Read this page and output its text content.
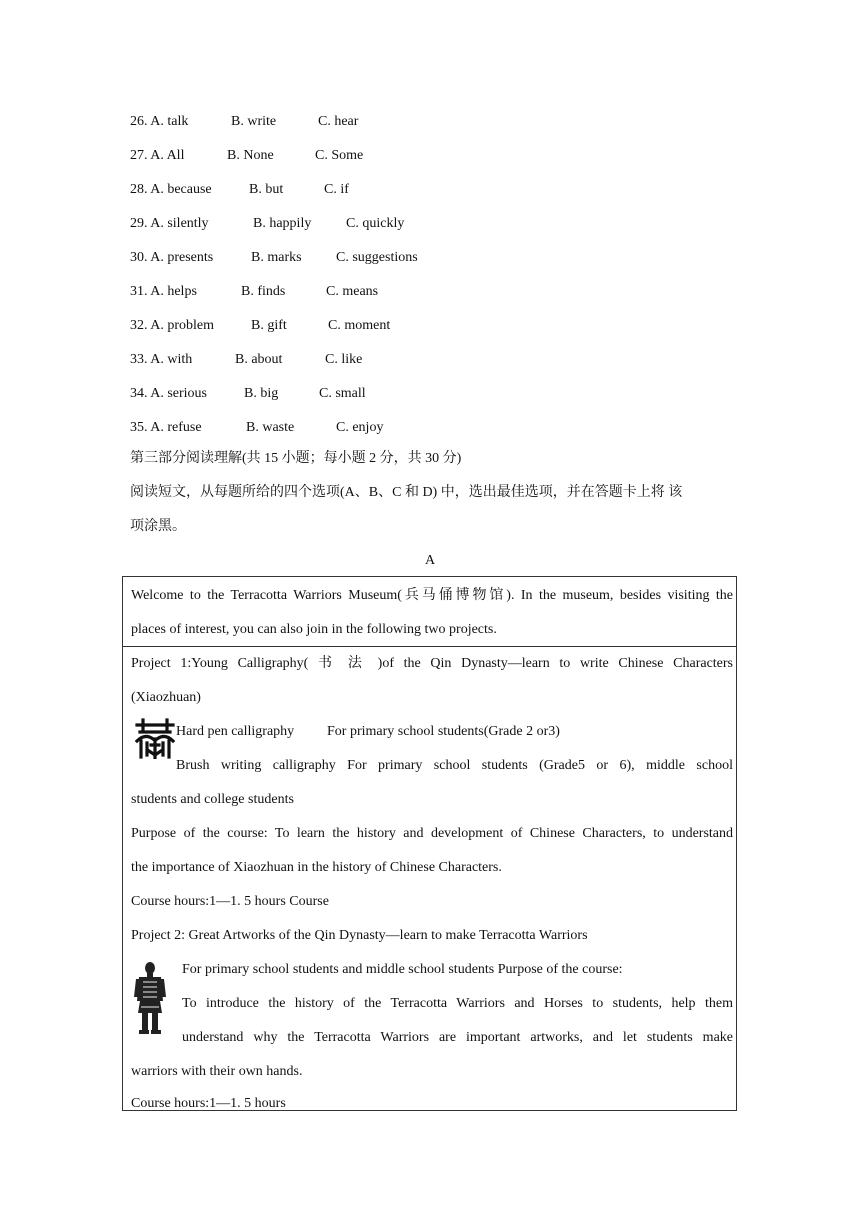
26. A. talk	B. write	C. hear
27. A. All	B. None	C. Some
28. A. because	B. but	C. if
29. A. silently	B. happily C. quickly
30. A. presents	B. marks C. suggestions
31. A. helps	B. finds	C. means
32. A. problem	B. gift	C. moment
33. A. with	B. about	C. like
34. A. serious	B. big	C. small
35. A. refuse	B. waste	C. enjoy
第三部分阅读理解(共 15 小题；每小题 2 分，共 30 分)
阅读短文，从每题所给的四个选项(A、B、C 和 D) 中，选出最佳选项，并在答题卡上将 该
项涂黑。
A
Welcome to the Terracotta Warriors Museum(兵马俑博物馆). In the museum, besides visiting the
places of interest, you can also join in the following two projects.
Project 1:Young Calligraphy( 书 法 )of the Qin Dynasty—learn to write Chinese Characters
(Xiaozhuan)
Hard pen calligraphy For primary school students(Grade 2 or3)
Brush writing calligraphy For primary school students (Grade5 or 6), middle school
students and college students
Purpose of the course: To learn the history and development of Chinese Characters, to understand
the importance of Xiaozhuan in the history of Chinese Characters.
Course hours:1—1. 5 hours Course
Project 2: Great Artworks of the Qin Dynasty—learn to make Terracotta Warriors
For primary school students and middle school students Purpose of the course:
To introduce the history of the Terracotta Warriors and Horses to students, help them
understand why the Terracotta Warriors are important artworks, and let students make
warriors with their own hands.
Course hours:1—1. 5 hours
